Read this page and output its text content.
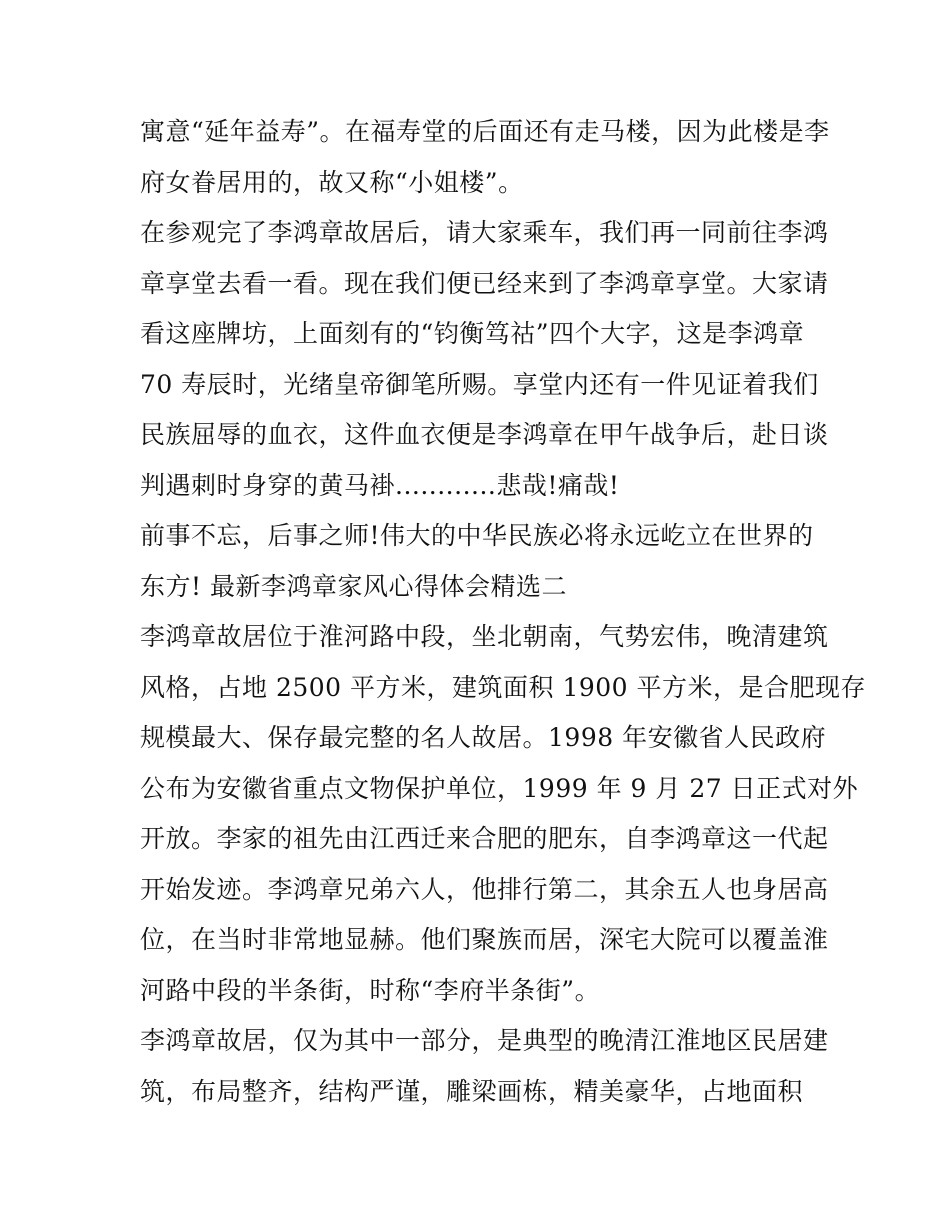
寓意“延年益寿”。在福寿堂的后面还有走马楼，因为此楼是李
府女眷居用的，故又称“小姐楼”。
在参观完了李鸿章故居后，请大家乘车，我们再一同前往李鸿
章享堂去看一看。现在我们便已经来到了李鸿章享堂。大家请
看这座牌坊，上面刻有的“钧衡笃祜”四个大字，这是李鸿章
70 寿辰时，光绪皇帝御笔所赐。享堂内还有一件见证着我们
民族屈辱的血衣，这件血衣便是李鸿章在甲午战争后，赴日谈
判遇刺时身穿的黄马褂............悲哉!痛哉!
前事不忘，后事之师!伟大的中华民族必将永远屹立在世界的
东方! 最新李鸿章家风心得体会精选二
李鸿章故居位于淮河路中段，坐北朝南，气势宏伟，晚清建筑
风格，占地 2500 平方米，建筑面积 1900 平方米，是合肥现存
规模最大、保存最完整的名人故居。1998 年安徽省人民政府
公布为安徽省重点文物保护单位，1999 年 9 月 27 日正式对外
开放。李家的祖先由江西迁来合肥的肥东，自李鸿章这一代起
开始发迹。李鸿章兄弟六人，他排行第二，其余五人也身居高
位，在当时非常地显赫。他们聚族而居，深宅大院可以覆盖淮
河路中段的半条街，时称“李府半条街”。
李鸿章故居，仅为其中一部分，是典型的晚清江淮地区民居建
筑，布局整齐，结构严谨，雕梁画栋，精美豪华，占地面积
